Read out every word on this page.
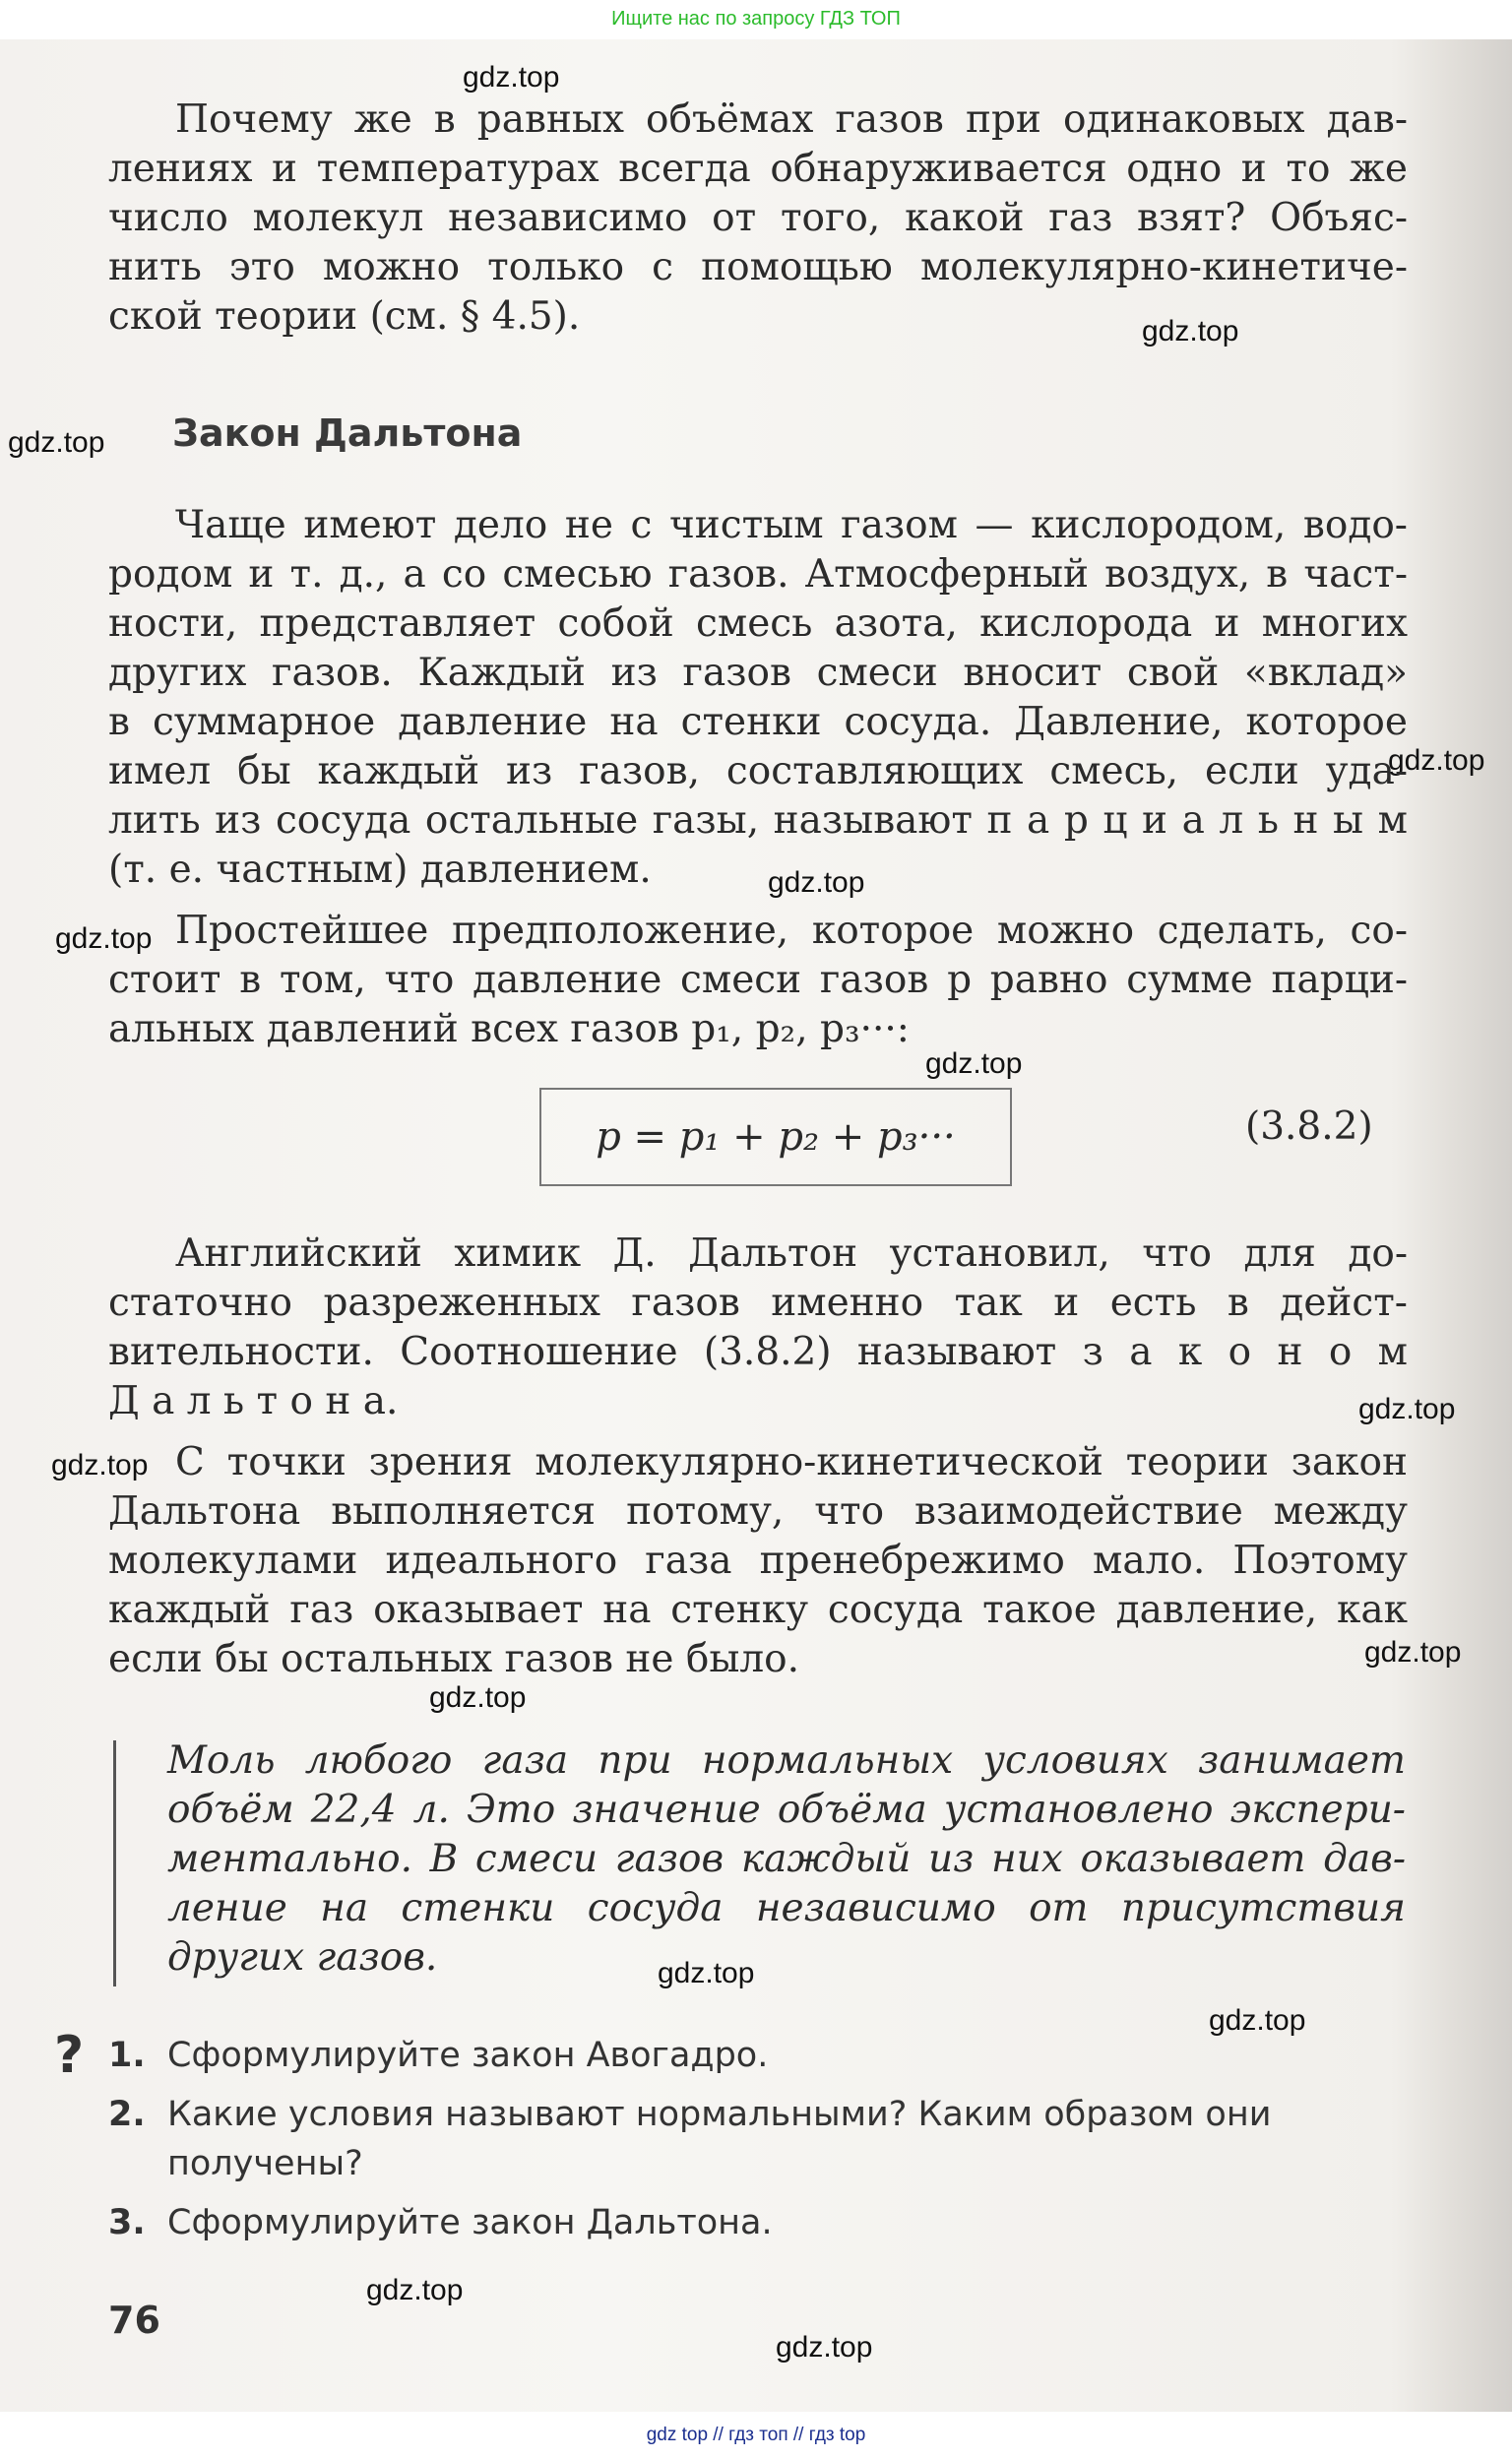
Ищите нас по запросу ГДЗ ТОП
gdz.top
gdz.top
gdz.top
gdz.top
gdz.top
gdz.top
gdz.top
gdz.top
gdz.top
gdz.top
gdz.top
gdz.top
gdz.top
gdz.top
gdz.top
Почему же в равных объёмах газов при одинаковых дав-
лениях и температурах всегда обнаруживается одно и то же
число молекул независимо от того, какой газ взят? Объяс-
нить это можно только с помощью молекулярно-кинетиче-
ской теории (см. § 4.5).
Закон Дальтона
Чаще имеют дело не с чистым газом — кислородом, водо-
родом и т. д., а со смесью газов. Атмосферный воздух, в част-
ности, представляет собой смесь азота, кислорода и многих
других газов. Каждый из газов смеси вносит свой «вклад»
в суммарное давление на стенки сосуда. Давление, которое
имел бы каждый из газов, составляющих смесь, если уда-
лить из сосуда остальные газы, называют п а р ц и а л ь н ы м
(т. е. частным) давлением.
Простейшее предположение, которое можно сделать, со-
стоит в том, что давление смеси газов p равно сумме парци-
альных давлений всех газов p₁, p₂, p₃···:
p = p₁ + p₂ + p₃···	(3.8.2)
Английский химик Д. Дальтон установил, что для до-
статочно разреженных газов именно так и есть в дейст-
вительности. Соотношение (3.8.2) называют з а к о н о м
Д а л ь т о н а.
С точки зрения молекулярно-кинетической теории закон
Дальтона выполняется потому, что взаимодействие между
молекулами идеального газа пренебрежимо мало. Поэтому
каждый газ оказывает на стенку сосуда такое давление, как
если бы остальных газов не было.
Моль любого газа при нормальных условиях занимает
объём 22,4 л. Это значение объёма установлено экспери-
ментально. В смеси газов каждый из них оказывает дав-
ление на стенки сосуда независимо от присутствия
других газов.
? 1. Сформулируйте закон Авогадро.
2. Какие условия называют нормальными? Каким образом они
получены?
3. Сформулируйте закон Дальтона.
76
gdz top // гдз топ // гдз top
